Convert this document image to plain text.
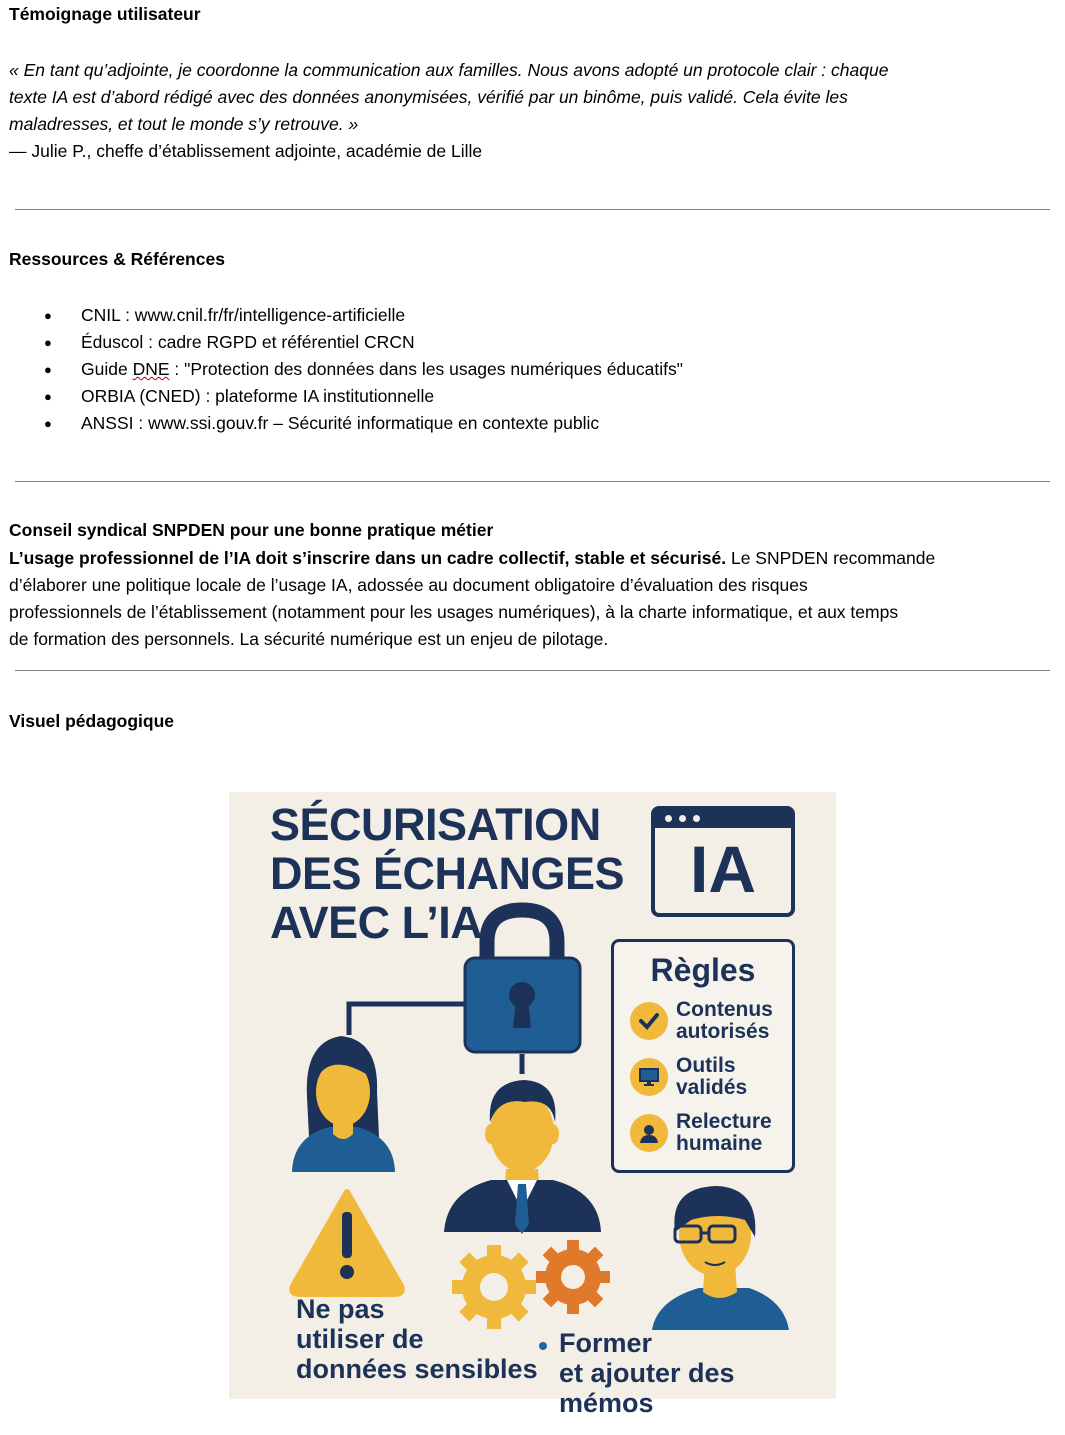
Témoignage utilisateur
« En tant qu’adjointe, je coordonne la communication aux familles. Nous avons adopté un protocole clair : chaque
texte IA est d’abord rédigé avec des données anonymisées, vérifié par un binôme, puis validé. Cela évite les
maladresses, et tout le monde s’y retrouve. »
— Julie P., cheffe d’établissement adjointe, académie de Lille
Ressources & Références
● CNIL : www.cnil.fr/fr/intelligence-artificielle
● Éduscol : cadre RGPD et référentiel CRCN
● Guide DNE : "Protection des données dans les usages numériques éducatifs"
● ORBIA (CNED) : plateforme IA institutionnelle
● ANSSI : www.ssi.gouv.fr – Sécurité informatique en contexte public
Conseil syndical SNPDEN pour une bonne pratique métier
L’usage professionnel de l’IA doit s’inscrire dans un cadre collectif, stable et sécurisé. Le SNPDEN recommande
d’élaborer une politique locale de l’usage IA, adossée au document obligatoire d’évaluation des risques
professionnels de l’établissement (notamment pour les usages numériques), à la charte informatique, et aux temps
de formation des personnels. La sécurité numérique est un enjeu de pilotage.
Visuel pédagogique
SÉCURISATION
DES ÉCHANGES
AVEC L’IA
IA
Règles
Contenus
autorisés
Outils
validés
Relecture
humaine
Ne pas
utiliser de
données sensibles
Former
et ajouter des mémos
